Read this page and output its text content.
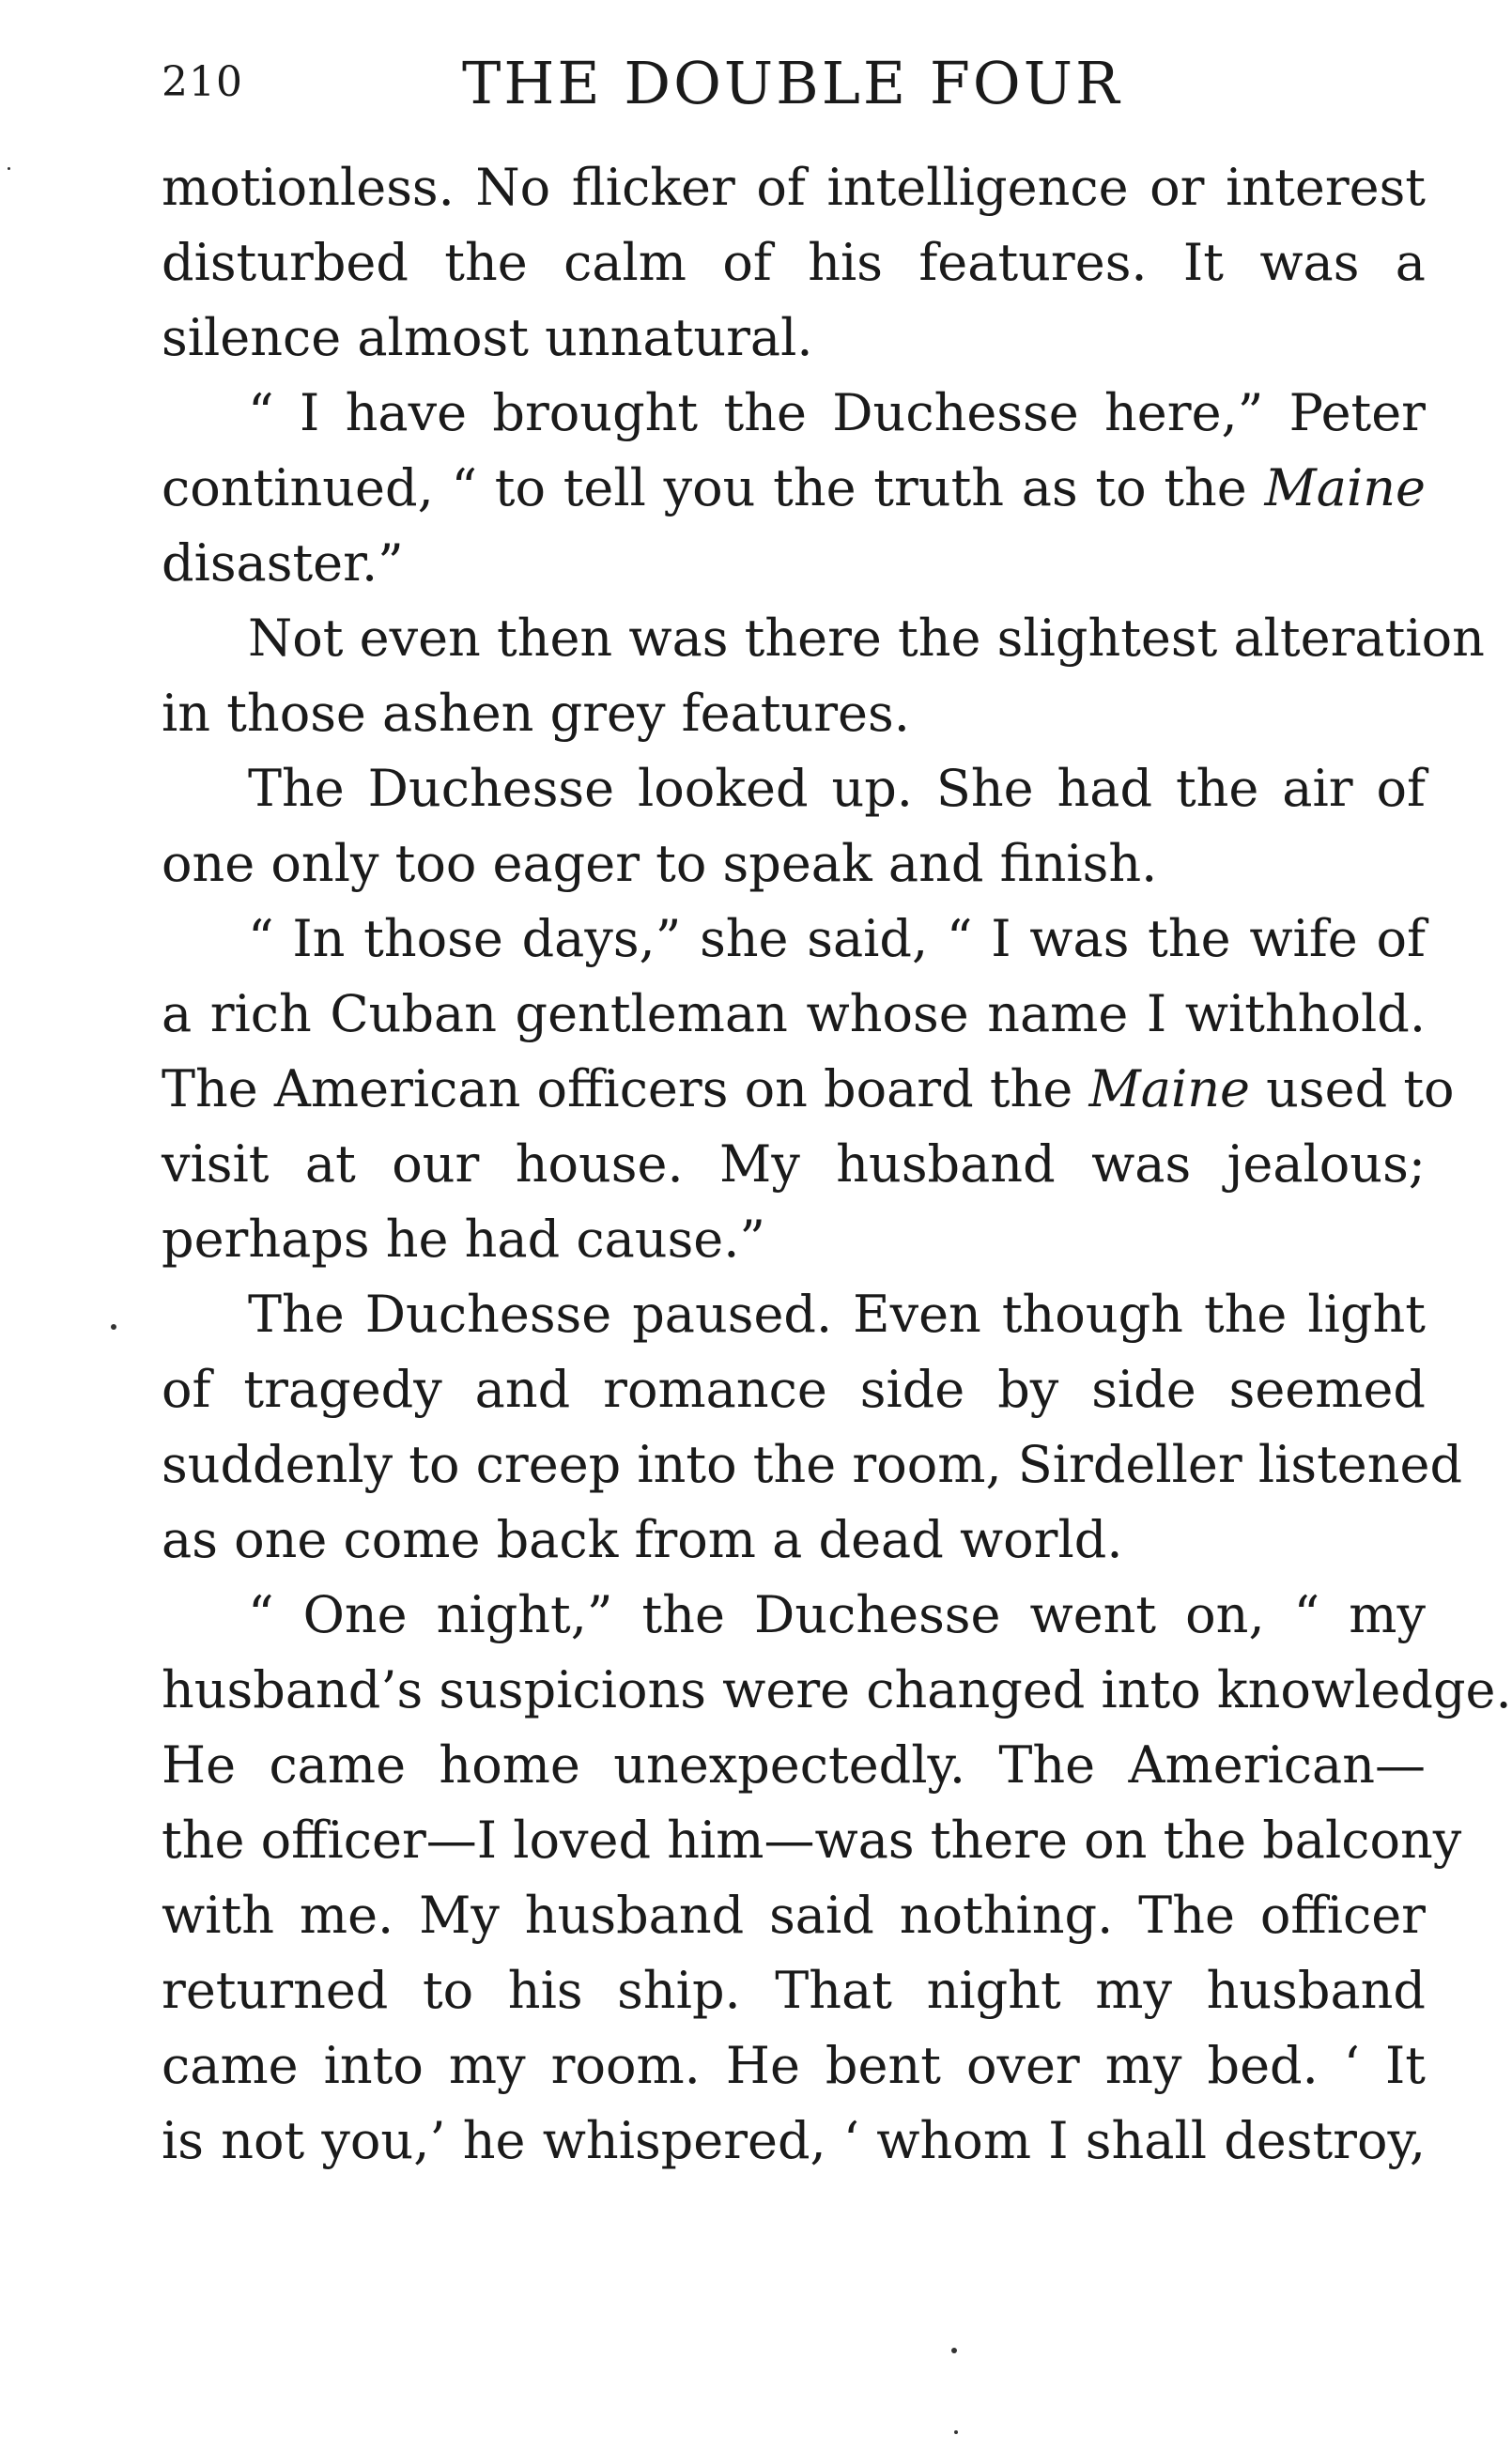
210	THE DOUBLE FOUR
motionless. No flicker of intelligence or interest
disturbed the calm of his features. It was a
silence almost unnatural.
“ I have brought the Duchesse here,” Peter
continued, “ to tell you the truth as to the Maine
disaster.”
Not even then was there the slightest alteration
in those ashen grey features.
The Duchesse looked up. She had the air of
one only too eager to speak and finish.
“ In those days,” she said, “ I was the wife of
a rich Cuban gentleman whose name I withhold.
The American officers on board the Maine used to
visit at our house. My husband was jealous;
perhaps he had cause.”
The Duchesse paused. Even though the light
of tragedy and romance side by side seemed
suddenly to creep into the room, Sirdeller listened
as one come back from a dead world.
“ One night,” the Duchesse went on, “ my
husband’s suspicions were changed into knowledge.
He came home unexpectedly. The American—
the officer—I loved him—was there on the balcony
with me. My husband said nothing. The officer
returned to his ship. That night my husband
came into my room. He bent over my bed. ‘ It
is not you,’ he whispered, ‘ whom I shall destroy,
